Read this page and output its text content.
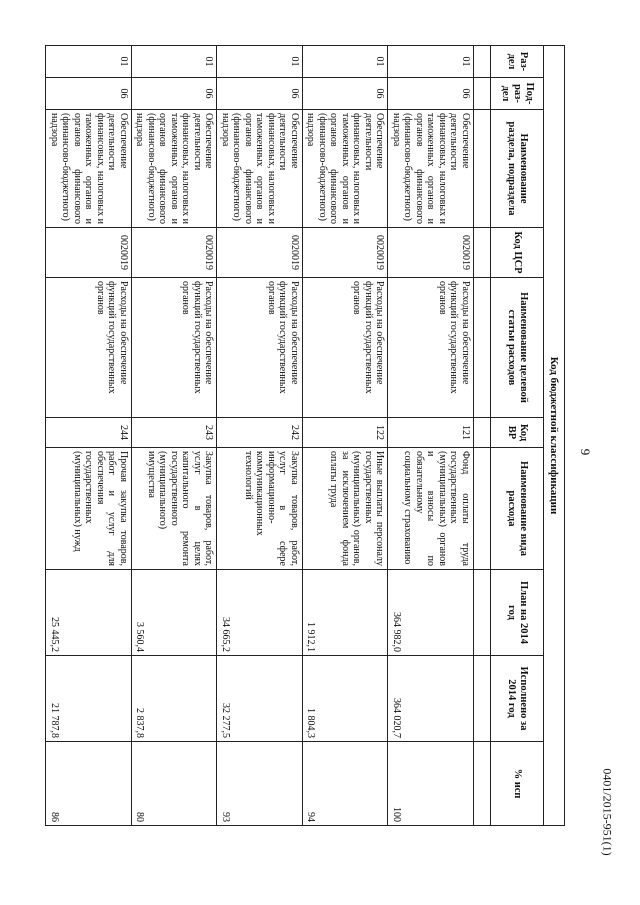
9
Код бюджетной классификации									
Раз-
дел	Под-
раз-
дел	Наименование раздела, подраздела	Код ЦСР	Наименование целевой статьи расходов	Код ВР	Наименование вида расхода	План на 2014 год	Исполнено за 2014 год	% исп

01	06	Обеспечение деятельности финансовых, налоговых и таможенных органов и органов финансового (финансово-бюджетного) надзора	0020019	Расходы на обеспечение функций государственных органов	121	Фонд оплаты труда государственных (муниципальных) органов и взносы по обязательному социальному страхованию	364 982,0	364 020,7	100
01	06	Обеспечение деятельности финансовых, налоговых и таможенных органов и органов финансового (финансово-бюджетного) надзора	0020019	Расходы на обеспечение функций государственных органов	122	Иные выплаты персоналу государственных (муниципальных) органов, за исключением фонда оплаты труда	1 912,1	1 804,3	94
01	06	Обеспечение деятельности финансовых, налоговых и таможенных органов и органов финансового (финансово-бюджетного) надзора	0020019	Расходы на обеспечение функций государственных органов	242	Закупка товаров, работ, услуг в сфере информационно-коммуникационных технологий	34 665,2	32 277,5	93
01	06	Обеспечение деятельности финансовых, налоговых и таможенных органов и органов финансового (финансово-бюджетного) надзора	0020019	Расходы на обеспечение функций государственных органов	243	Закупка товаров, работ, услуг в целях капитального ремонта государственного (муниципального) имущества	3 560,4	2 837,8	80
01	06	Обеспечение деятельности финансовых, налоговых и таможенных органов и органов финансового (финансово-бюджетного) надзора	0020019	Расходы на обеспечение функций государственных органов	244	Прочая закупка товаров, работ и услуг для обеспечения государственных (муниципальных) нужд	25 445,2	21 787,8	86	0401/2015-951(1)
